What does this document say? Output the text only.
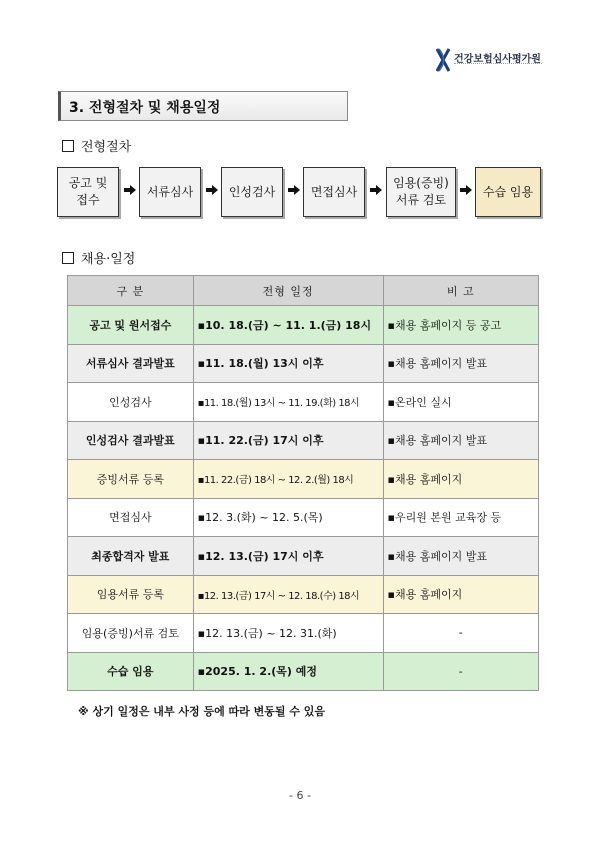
건강보험심사평가원
3. 전형절차 및 채용일정
전형절차
공고 및
접수
서류심사	인성검사	면접심사
임용(증빙)
서류 검토
수습 임용
채용·일정
구 분	전형 일정	비 고
공고 및 원서접수	▪10. 18.(금) ~ 11. 1.(금) 18시	▪채용 홈페이지 등 공고
서류심사 결과발표	▪11. 18.(월) 13시 이후	▪채용 홈페이지 발표
인성검사	▪11. 18.(월) 13시 ~ 11. 19.(화) 18시	▪온라인 실시
인성검사 결과발표	▪11. 22.(금) 17시 이후	▪채용 홈페이지 발표
증빙서류 등록	▪11. 22.(금) 18시 ~ 12. 2.(월) 18시	▪채용 홈페이지
면접심사	▪12. 3.(화) ~ 12. 5.(목)	▪우리원 본원 교육장 등
최종합격자 발표	▪12. 13.(금) 17시 이후	▪채용 홈페이지 발표
임용서류 등록	▪12. 13.(금) 17시 ~ 12. 18.(수) 18시	▪채용 홈페이지
임용(증빙)서류 검토	▪12. 13.(금) ~ 12. 31.(화)	-
수습 임용	▪2025. 1. 2.(목) 예정	-
※ 상기 일정은 내부 사정 등에 따라 변동될 수 있음
- 6 -
